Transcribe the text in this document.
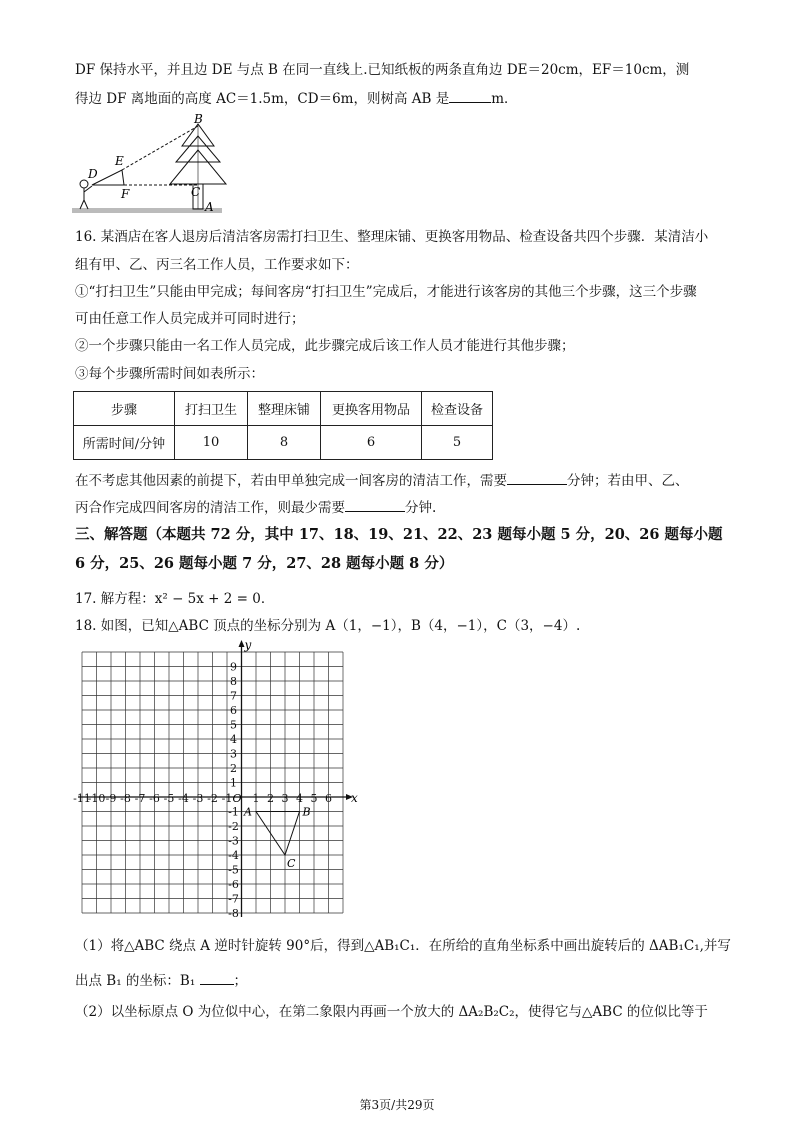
DF 保持水平，并且边 DE 与点 B 在同一直线上.已知纸板的两条直角边 DE＝20cm，EF＝10cm，测
得边 DF 离地面的高度 AC＝1.5m，CD＝6m，则树高 AB 是	m．
B
E
D
F	C
A
16. 某酒店在客人退房后清洁客房需打扫卫生、整理床铺、更换客用物品、检查设备共四个步骤．某清洁小
组有甲、乙、丙三名工作人员，工作要求如下：
①“打扫卫生”只能由甲完成；每间客房“打扫卫生”完成后，才能进行该客房的其他三个步骤，这三个步骤
可由任意工作人员完成并可同时进行；
②一个步骤只能由一名工作人员完成，此步骤完成后该工作人员才能进行其他步骤；
③每个步骤所需时间如表所示：
步骤	打扫卫生	整理床铺	更换客用物品	检查设备
所需时间/分钟	10	8	6	5
在不考虑其他因素的前提下，若由甲单独完成一间客房的清洁工作，需要	分钟；若由甲、乙、
丙合作完成四间客房的清洁工作，则最少需要	分钟.
三、解答题（本题共 72 分，其中 17、18、19、21、22、23 题每小题 5 分，20、26 题每小题
6 分，25、26 题每小题 7 分，27、28 题每小题 8 分）
17. 解方程：x² − 5x + 2 = 0．
18. 如图，已知△ABC 顶点的坐标分别为 A（1，−1），B（4，−1），C（3，−4）.
x
y
O
-11
-10 -9 -8 -7 -6 -5 -4 -3 -2 -1 1 2 3 4 5 6
9
8
7
6
5
4
3
2
1
-1
-2
-3
-4
-5
-6
-7
-8
A	B
C
（1）将△ABC 绕点 A 逆时针旋转 90°后，得到△AB₁C₁．在所给的直角坐标系中画出旋转后的 ΔAB₁C₁,并写
出点 B₁ 的坐标：B₁	；
（2）以坐标原点 O 为位似中心，在第二象限内再画一个放大的 ΔA₂B₂C₂，使得它与△ABC 的位似比等于
第3页/共29页
